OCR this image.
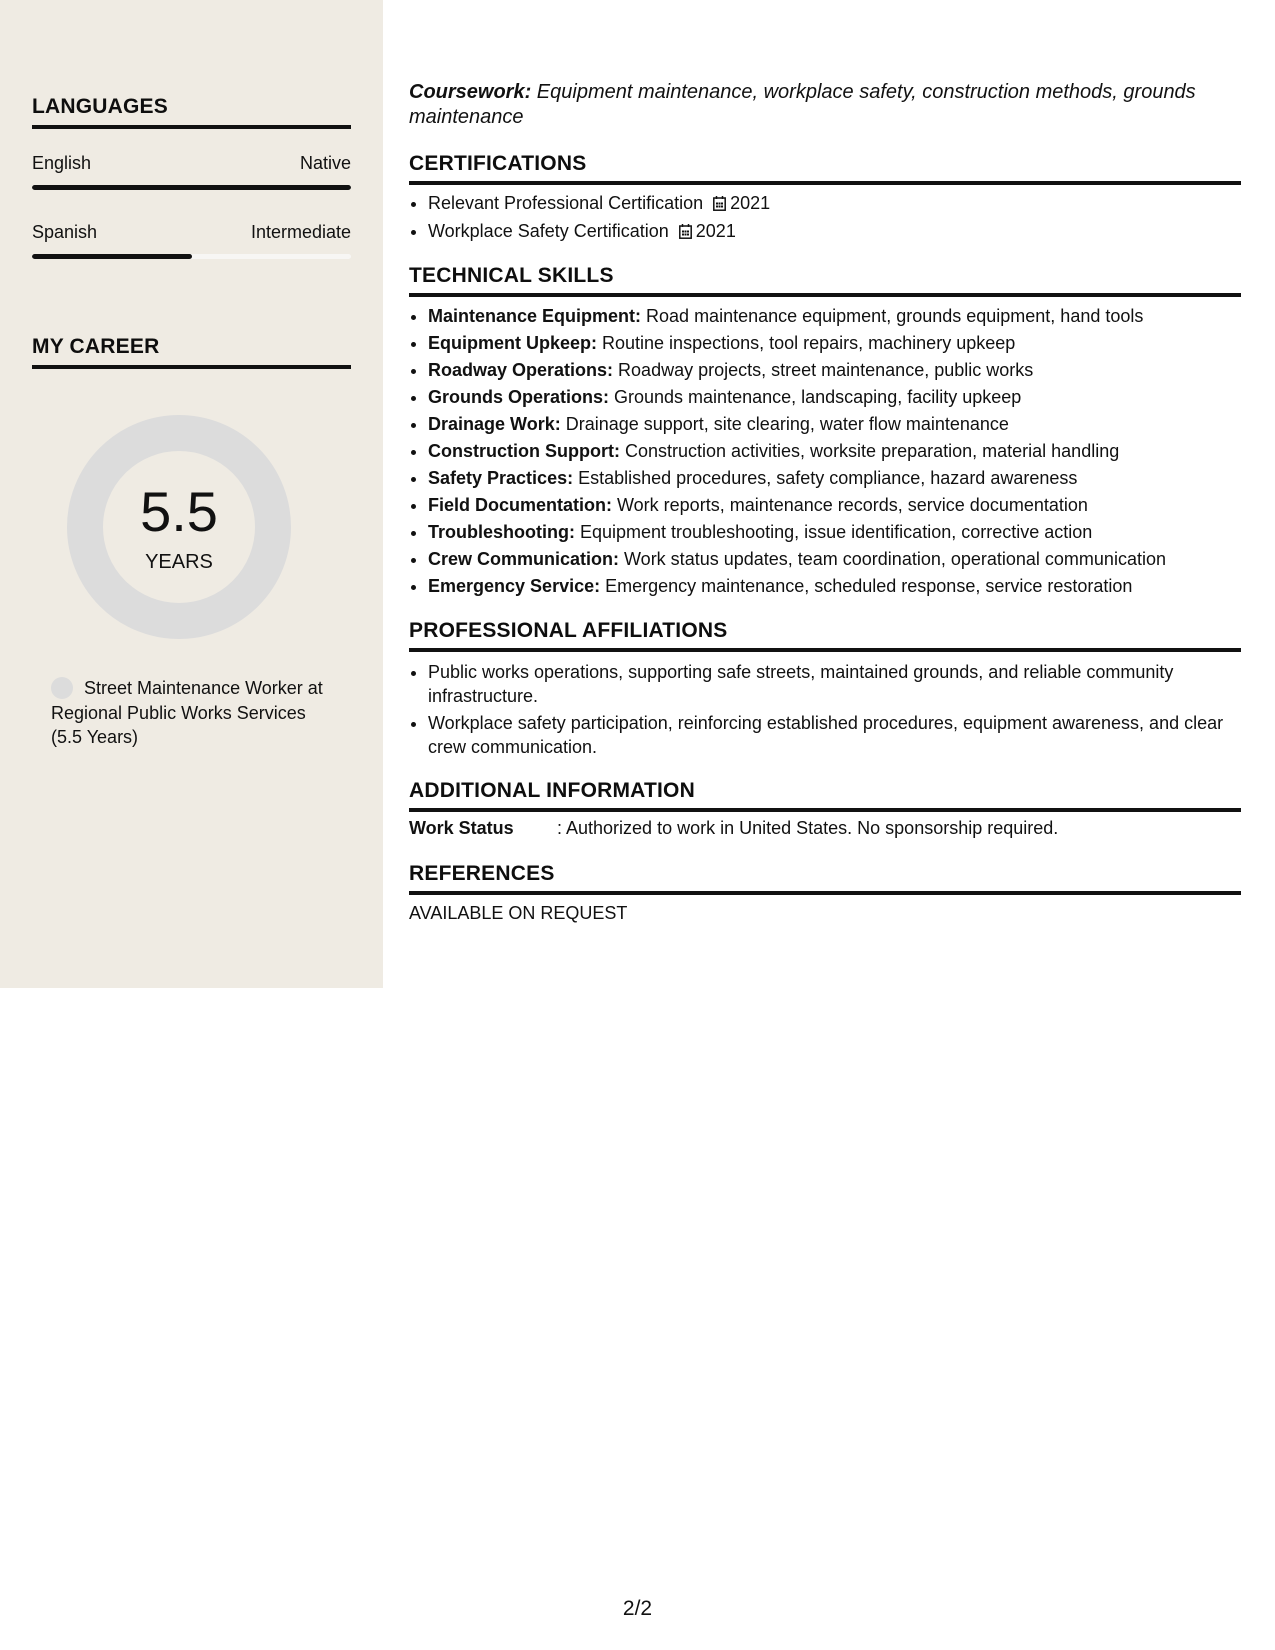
LANGUAGES
English	Native
Spanish	Intermediate
MY CAREER
5.5
YEARS
Street Maintenance Worker at Regional Public Works Services (5.5 Years)
Coursework: Equipment maintenance, workplace safety, construction methods, grounds maintenance
CERTIFICATIONS
• Relevant Professional Certification 2021
• Workplace Safety Certification 2021
TECHNICAL SKILLS
• Maintenance Equipment: Road maintenance equipment, grounds equipment, hand tools
• Equipment Upkeep: Routine inspections, tool repairs, machinery upkeep
• Roadway Operations: Roadway projects, street maintenance, public works
• Grounds Operations: Grounds maintenance, landscaping, facility upkeep
• Drainage Work: Drainage support, site clearing, water flow maintenance
• Construction Support: Construction activities, worksite preparation, material handling
• Safety Practices: Established procedures, safety compliance, hazard awareness
• Field Documentation: Work reports, maintenance records, service documentation
• Troubleshooting: Equipment troubleshooting, issue identification, corrective action
• Crew Communication: Work status updates, team coordination, operational communication
• Emergency Service: Emergency maintenance, scheduled response, service restoration
PROFESSIONAL AFFILIATIONS
• Public works operations, supporting safe streets, maintained grounds, and reliable community infrastructure.
• Workplace safety participation, reinforcing established procedures, equipment awareness, and clear crew communication.
ADDITIONAL INFORMATION
Work Status : Authorized to work in United States. No sponsorship required.
REFERENCES
AVAILABLE ON REQUEST
2/2
